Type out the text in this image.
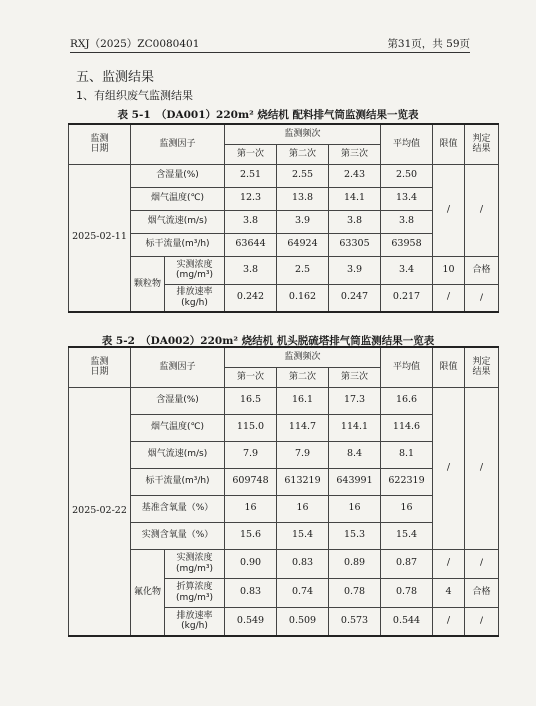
RXJ（2025）ZC0080401	第31页，共 59页
五、监测结果
1、有组织废气监测结果
表 5-1　（DA001）220m² 烧结机 配料排气筒监测结果一览表
监测
日期	监测因子		监测频次			平均值	限值	判定
结果
			第一次	第二次	第三次			
2025-02-11	含湿量(%)		2.51	2.55	2.43	2.50	/	/
	烟气温度(℃)		12.3	13.8	14.1	13.4		
	烟气流速(m/s)		3.8	3.9	3.8	3.8		
	标干流量(m³/h)		63644	64924	63305	63958		
	颗粒物	实测浓度
(mg/m³)	3.8	2.5	3.9	3.4	10	合格
		排放速率
(kg/h)	0.242	0.162	0.247	0.217	/	/
表 5-2　（DA002）220m² 烧结机 机头脱硫塔排气筒监测结果一览表
监测
日期	监测因子		监测频次			平均值	限值	判定
结果
			第一次	第二次	第三次			
2025-02-22	含湿量(%)		16.5	16.1	17.3	16.6	/	/
	烟气温度(℃)		115.0	114.7	114.1	114.6		
	烟气流速(m/s)		7.9	7.9	8.4	8.1		
	标干流量(m³/h)		609748	613219	643991	622319		
	基准含氧量（%）		16	16	16	16		
	实测含氧量（%）		15.6	15.4	15.3	15.4		
	氟化物	实测浓度
(mg/m³)	0.90	0.83	0.89	0.87	/	/
		折算浓度
(mg/m³)	0.83	0.74	0.78	0.78	4	合格
		排放速率
(kg/h)	0.549	0.509	0.573	0.544	/	/
